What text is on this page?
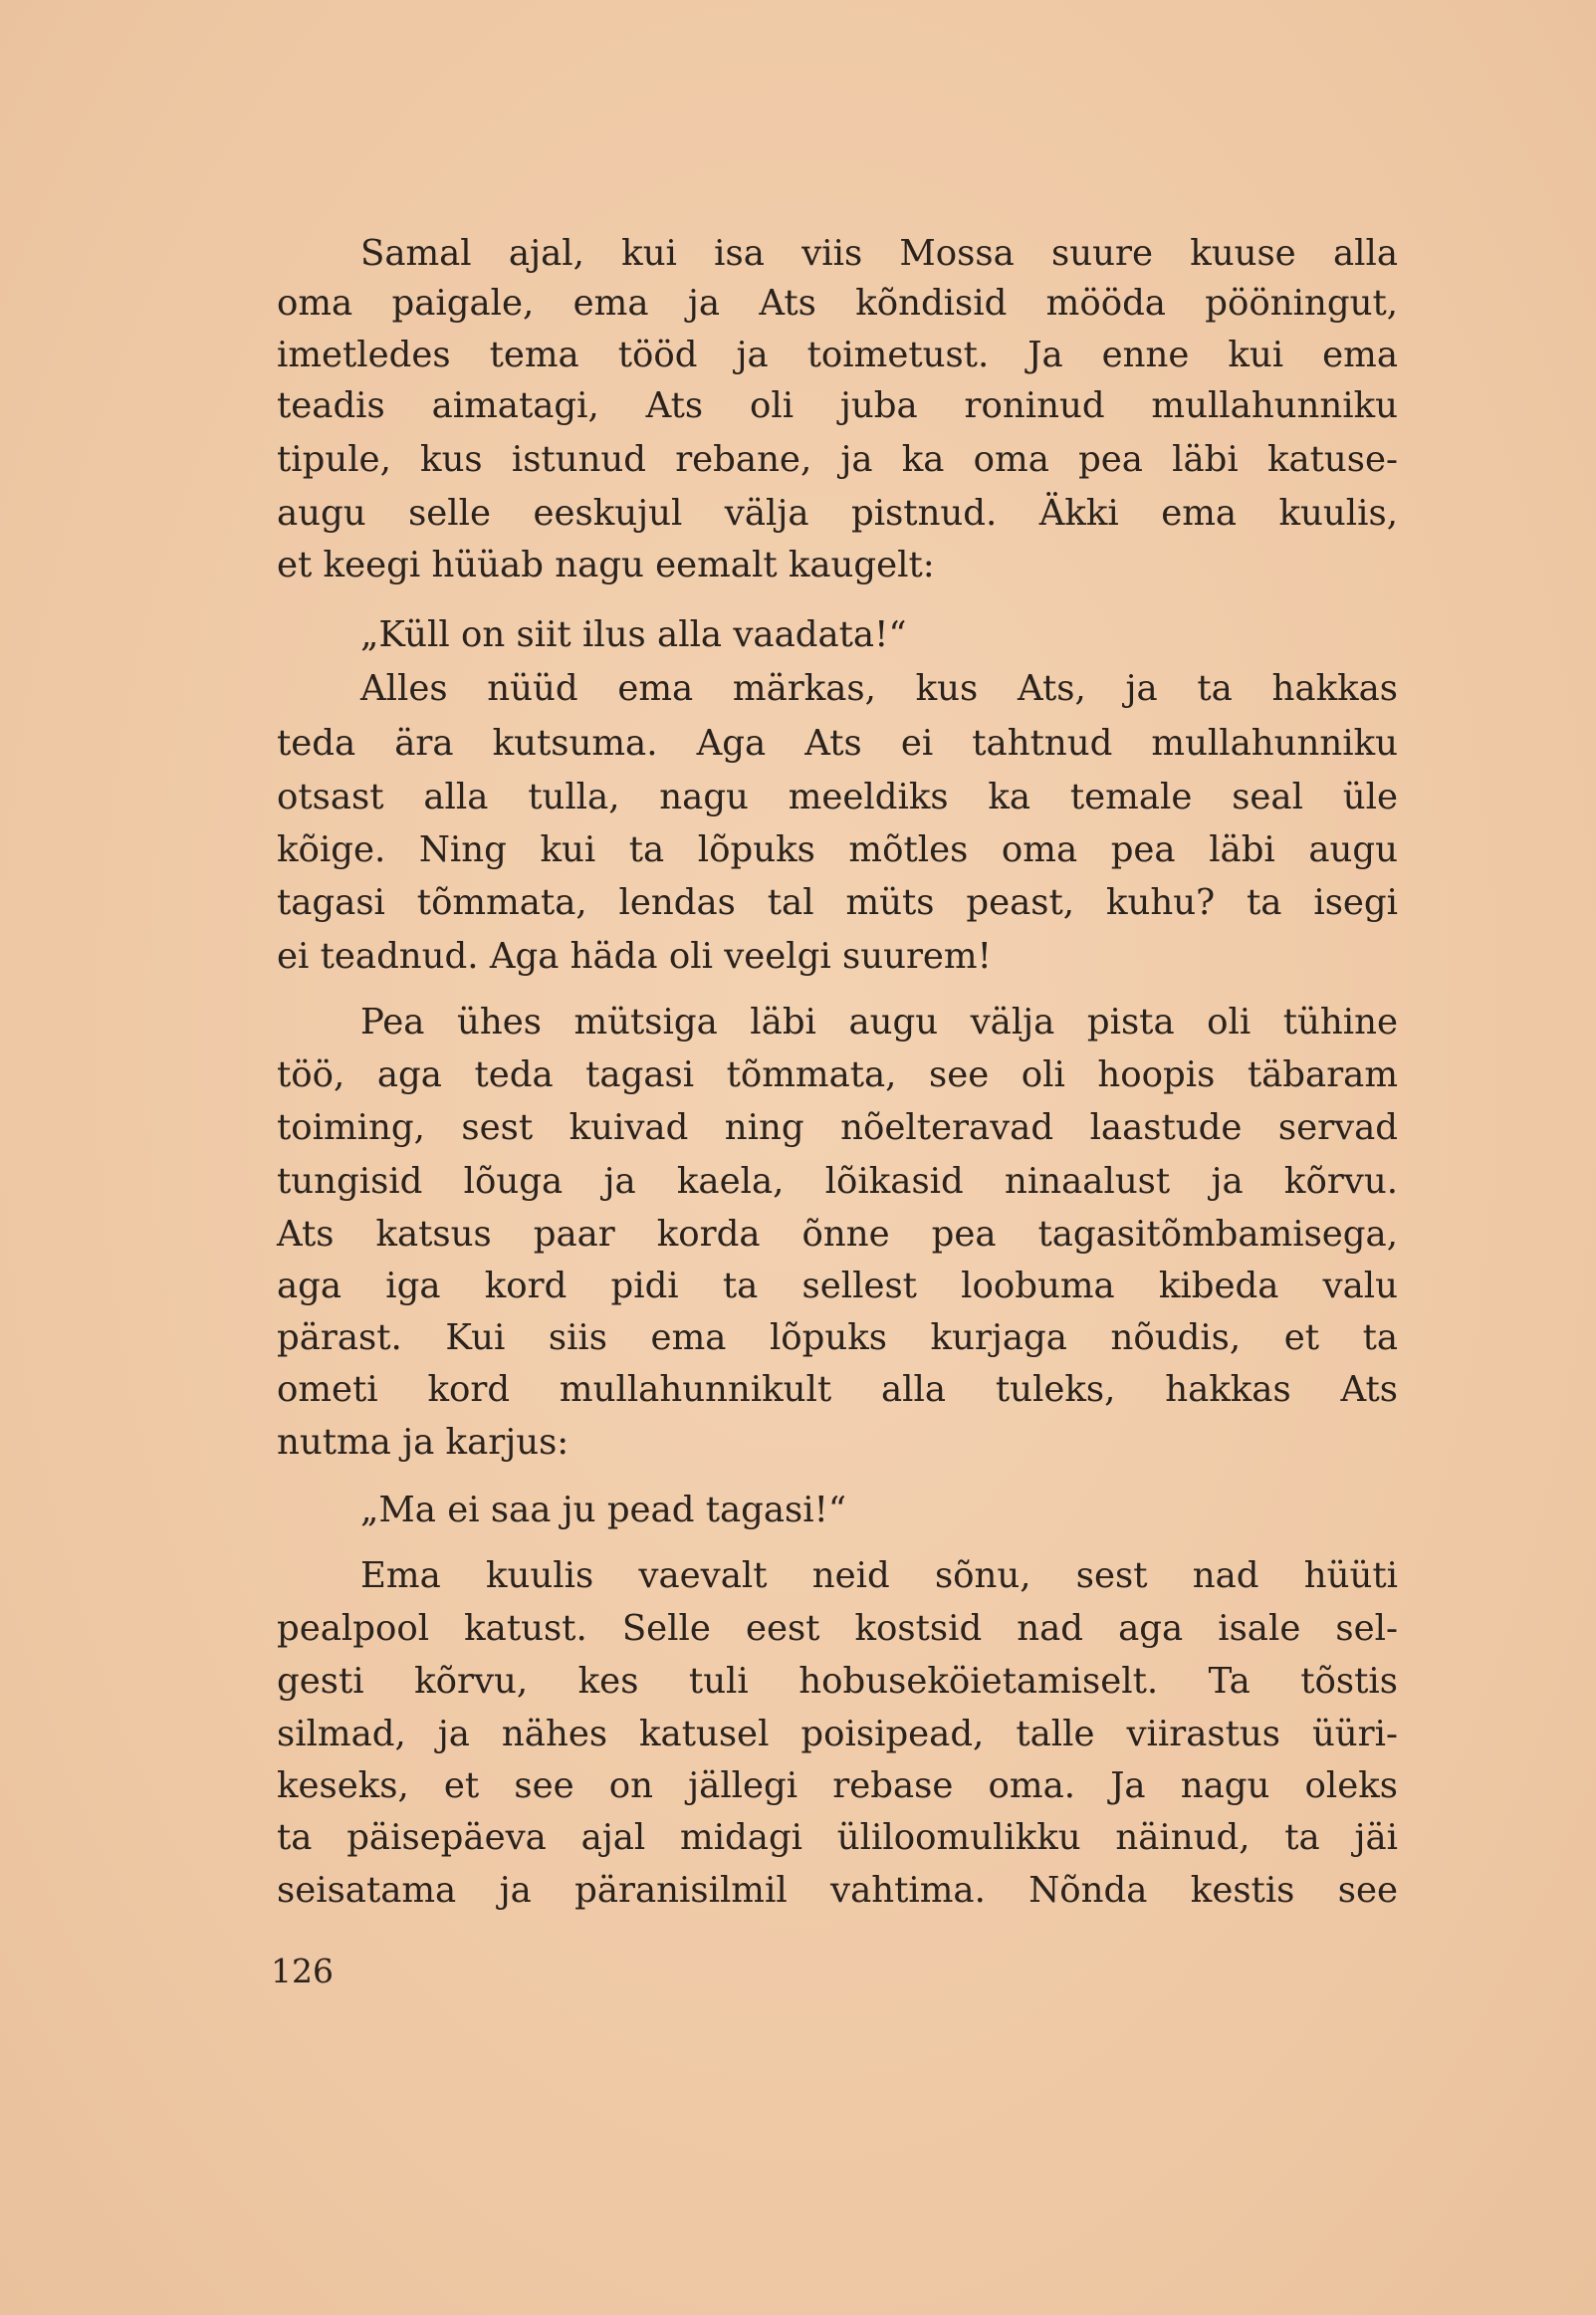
Samal ajal, kui isa viis Mossa suure kuuse alla
oma paigale, ema ja Ats kõndisid mööda pööningut,
imetledes tema tööd ja toimetust. Ja enne kui ema
teadis aimatagi, Ats oli juba roninud mullahunniku
tipule, kus istunud rebane, ja ka oma pea läbi katuse-
augu selle eeskujul välja pistnud. Äkki ema kuulis,
et keegi hüüab nagu eemalt kaugelt:
„Küll on siit ilus alla vaadata!“
Alles nüüd ema märkas, kus Ats, ja ta hakkas
teda ära kutsuma. Aga Ats ei tahtnud mullahunniku
otsast alla tulla, nagu meeldiks ka temale seal üle
kõige. Ning kui ta lõpuks mõtles oma pea läbi augu
tagasi tõmmata, lendas tal müts peast, kuhu? ta isegi
ei teadnud. Aga häda oli veelgi suurem!
Pea ühes mütsiga läbi augu välja pista oli tühine
töö, aga teda tagasi tõmmata, see oli hoopis täbaram
toiming, sest kuivad ning nõelteravad laastude servad
tungisid lõuga ja kaela, lõikasid ninaalust ja kõrvu.
Ats katsus paar korda õnne pea tagasitõmbamisega,
aga iga kord pidi ta sellest loobuma kibeda valu
pärast. Kui siis ema lõpuks kurjaga nõudis, et ta
ometi kord mullahunnikult alla tuleks, hakkas Ats
nutma ja karjus:
„Ma ei saa ju pead tagasi!“
Ema kuulis vaevalt neid sõnu, sest nad hüüti
pealpool katust. Selle eest kostsid nad aga isale sel-
gesti kõrvu, kes tuli hobuseköietamiselt. Ta tõstis
silmad, ja nähes katusel poisipead, talle viirastus üüri-
keseks, et see on jällegi rebase oma. Ja nagu oleks
ta päisepäeva ajal midagi üliloomulikku näinud, ta jäi
seisatama ja päranisilmil vahtima. Nõnda kestis see
126
